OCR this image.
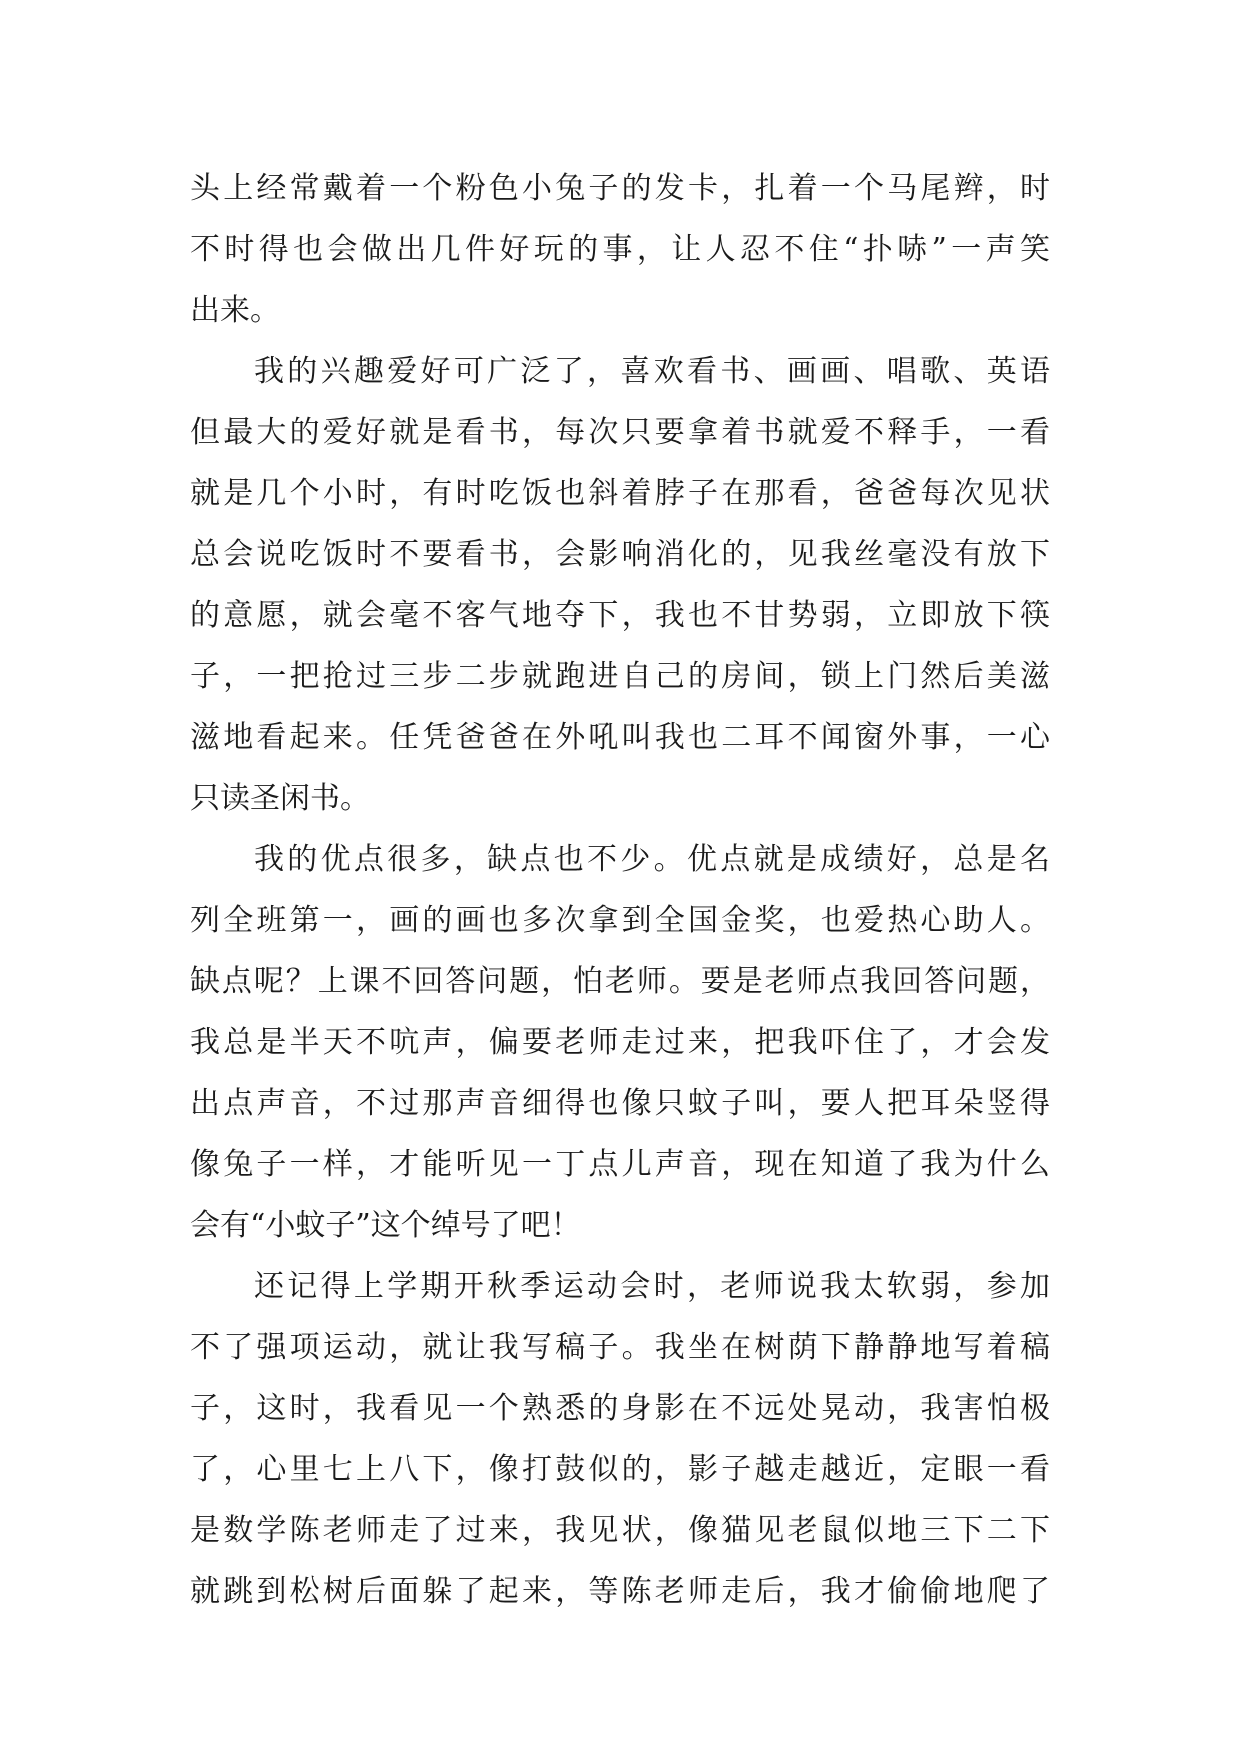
头上经常戴着一个粉色小兔子的发卡，扎着一个马尾辫，时
不时得也会做出几件好玩的事，让人忍不住“扑哧”一声笑
出来。
我的兴趣爱好可广泛了，喜欢看书、画画、唱歌、英语
但最大的爱好就是看书，每次只要拿着书就爱不释手，一看
就是几个小时，有时吃饭也斜着脖子在那看，爸爸每次见状
总会说吃饭时不要看书，会影响消化的，见我丝毫没有放下
的意愿，就会毫不客气地夺下，我也不甘势弱，立即放下筷
子，一把抢过三步二步就跑进自己的房间，锁上门然后美滋
滋地看起来。任凭爸爸在外吼叫我也二耳不闻窗外事，一心
只读圣闲书。
我的优点很多，缺点也不少。优点就是成绩好，总是名
列全班第一，画的画也多次拿到全国金奖，也爱热心助人。
缺点呢？上课不回答问题，怕老师。要是老师点我回答问题，
我总是半天不吭声，偏要老师走过来，把我吓住了，才会发
出点声音，不过那声音细得也像只蚊子叫，要人把耳朵竖得
像兔子一样，才能听见一丁点儿声音，现在知道了我为什么
会有“小蚊子”这个绰号了吧！
还记得上学期开秋季运动会时，老师说我太软弱，参加
不了强项运动，就让我写稿子。我坐在树荫下静静地写着稿
子，这时，我看见一个熟悉的身影在不远处晃动，我害怕极
了，心里七上八下，像打鼓似的，影子越走越近，定眼一看
是数学陈老师走了过来，我见状，像猫见老鼠似地三下二下
就跳到松树后面躲了起来，等陈老师走后，我才偷偷地爬了
